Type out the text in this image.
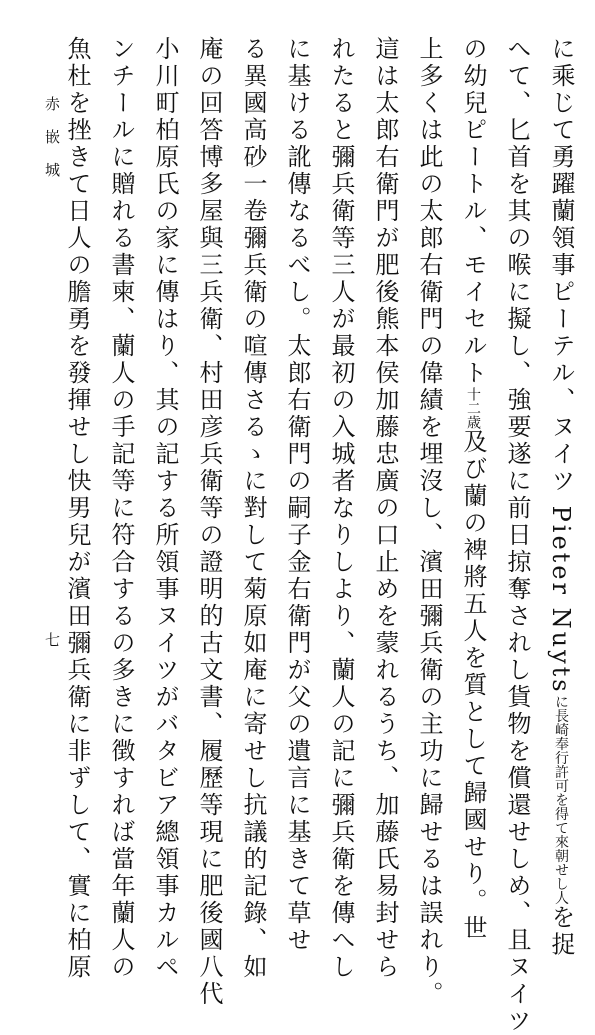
に乘じて勇躍蘭領事ピーテル、ヌイツ Pieter Nuytsに長崎奉行許可を得て來朝せし人を捉
へて、匕首を其の喉に擬し、強要遂に前日掠奪されし貨物を償還せしめ、且ヌイツ
の幼兒ピートル、モイセルト十二歳及び蘭の裨將五人を質として歸國せり。世
上多くは此の太郎右衛門の偉績を埋沒し、濱田彌兵衛の主功に歸せるは誤れり。
這は太郎右衛門が肥後熊本侯加藤忠廣の口止めを蒙れるうち、加藤氏易封せら
れたると彌兵衛等三人が最初の入城者なりしより、蘭人の記に彌兵衛を傳へし
に基ける訛傳なるべし。太郎右衛門の嗣子金右衛門が父の遺言に基きて草せ
る異國高砂一卷彌兵衛の喧傳さるゝに對して菊原如庵に寄せし抗議的記錄、如
庵の回答博多屋與三兵衛、村田彦兵衛等の證明的古文書、履歷等現に肥後國八代
小川町柏原氏の家に傳はり、其の記する所領事ヌイツがバタビア總領事カルペ
ンチールに贈れる書柬、蘭人の手記等に符合するの多きに徴すれば當年蘭人の
魚杜を挫きて日人の膽勇を發揮せし快男兒が濱田彌兵衛に非ずして、實に柏原
赤嵌城
七
